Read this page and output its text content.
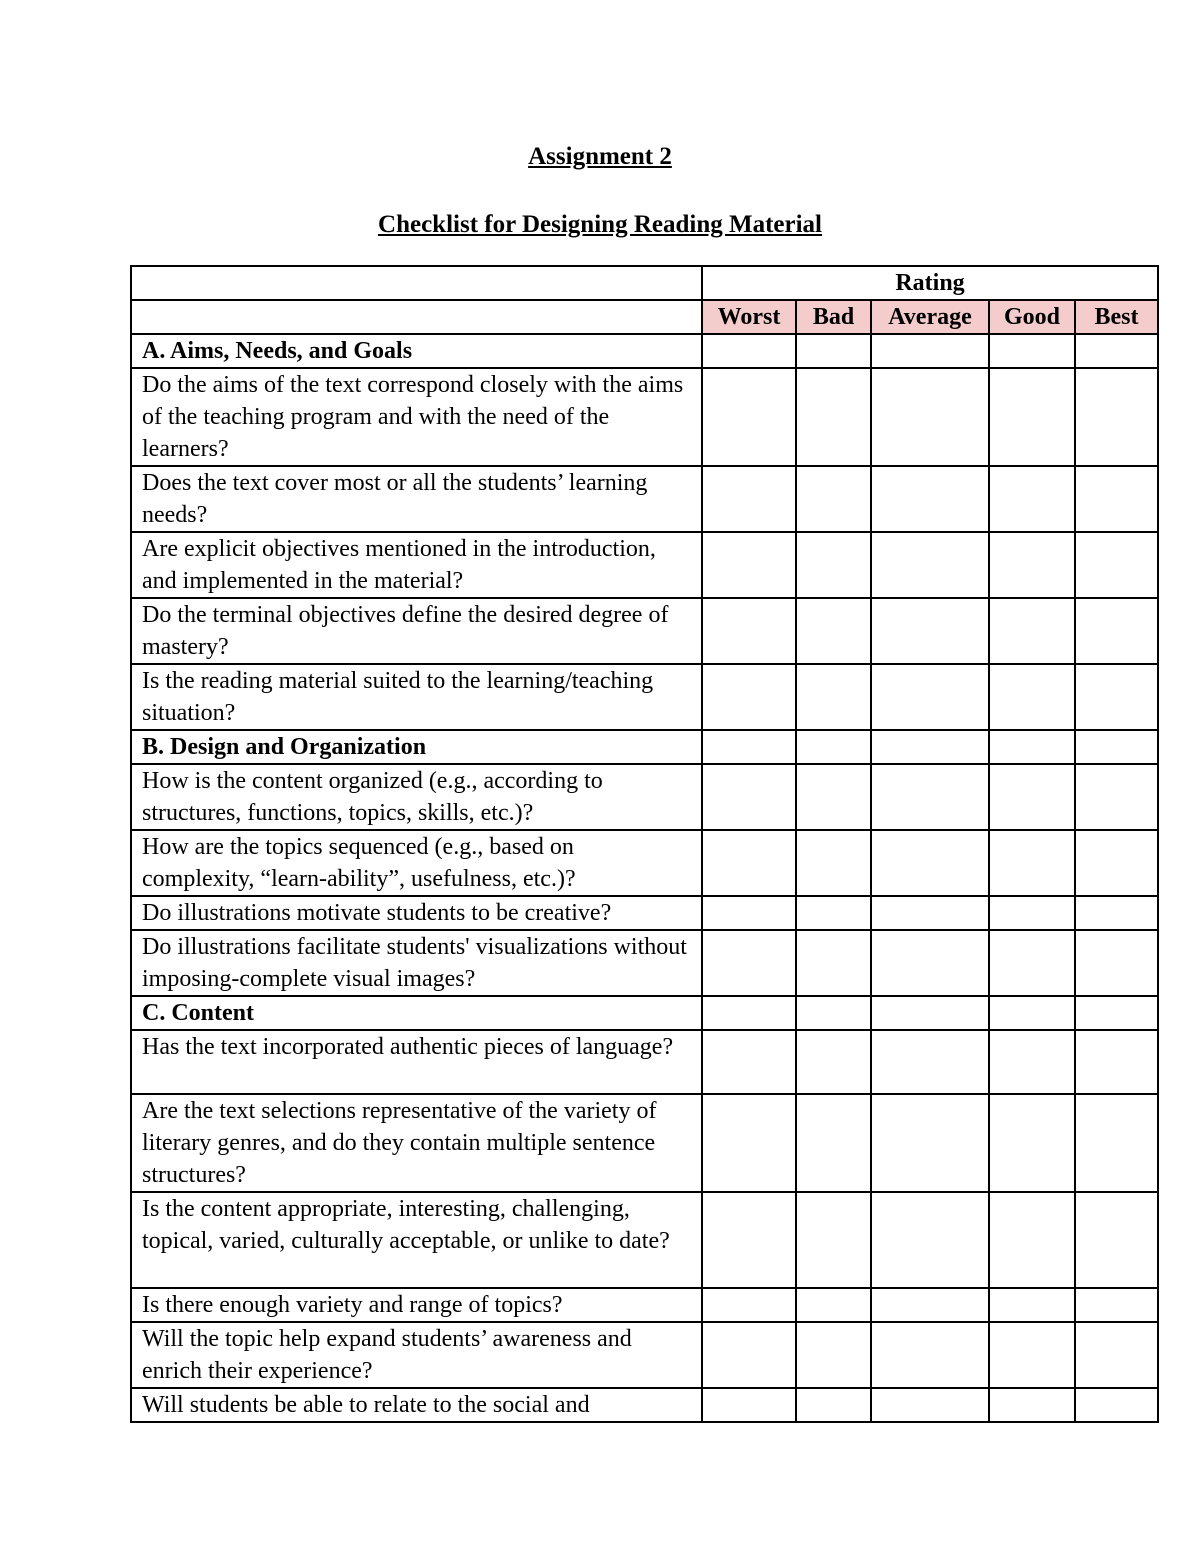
Assignment 2
Checklist for Designing Reading Material
	Rating				
	Worst	Bad	Average	Good	Best
A. Aims, Needs, and Goals					
Do the aims of the text correspond closely with the aims of the teaching program and with the need of the learners?					
Does the text cover most or all the students’ learning needs?					
Are explicit objectives mentioned in the introduction, and implemented in the material?					
Do the terminal objectives define the desired degree of mastery?					
Is the reading material suited to the learning/teaching situation?					
B. Design and Organization					
How is the content organized (e.g., according to structures, functions, topics, skills, etc.)?					
How are the topics sequenced (e.g., based on complexity, “learn-ability”, usefulness, etc.)?					
Do illustrations motivate students to be creative?					
Do illustrations facilitate students' visualizations without imposing-complete visual images?					
C. Content					
Has the text incorporated authentic pieces of language?					
Are the text selections representative of the variety of literary genres, and do they contain multiple sentence structures?					
Is the content appropriate, interesting, challenging, topical, varied, culturally acceptable, or unlike to date?					
Is there enough variety and range of topics?					
Will the topic help expand students’ awareness and enrich their experience?					
Will students be able to relate to the social and					
